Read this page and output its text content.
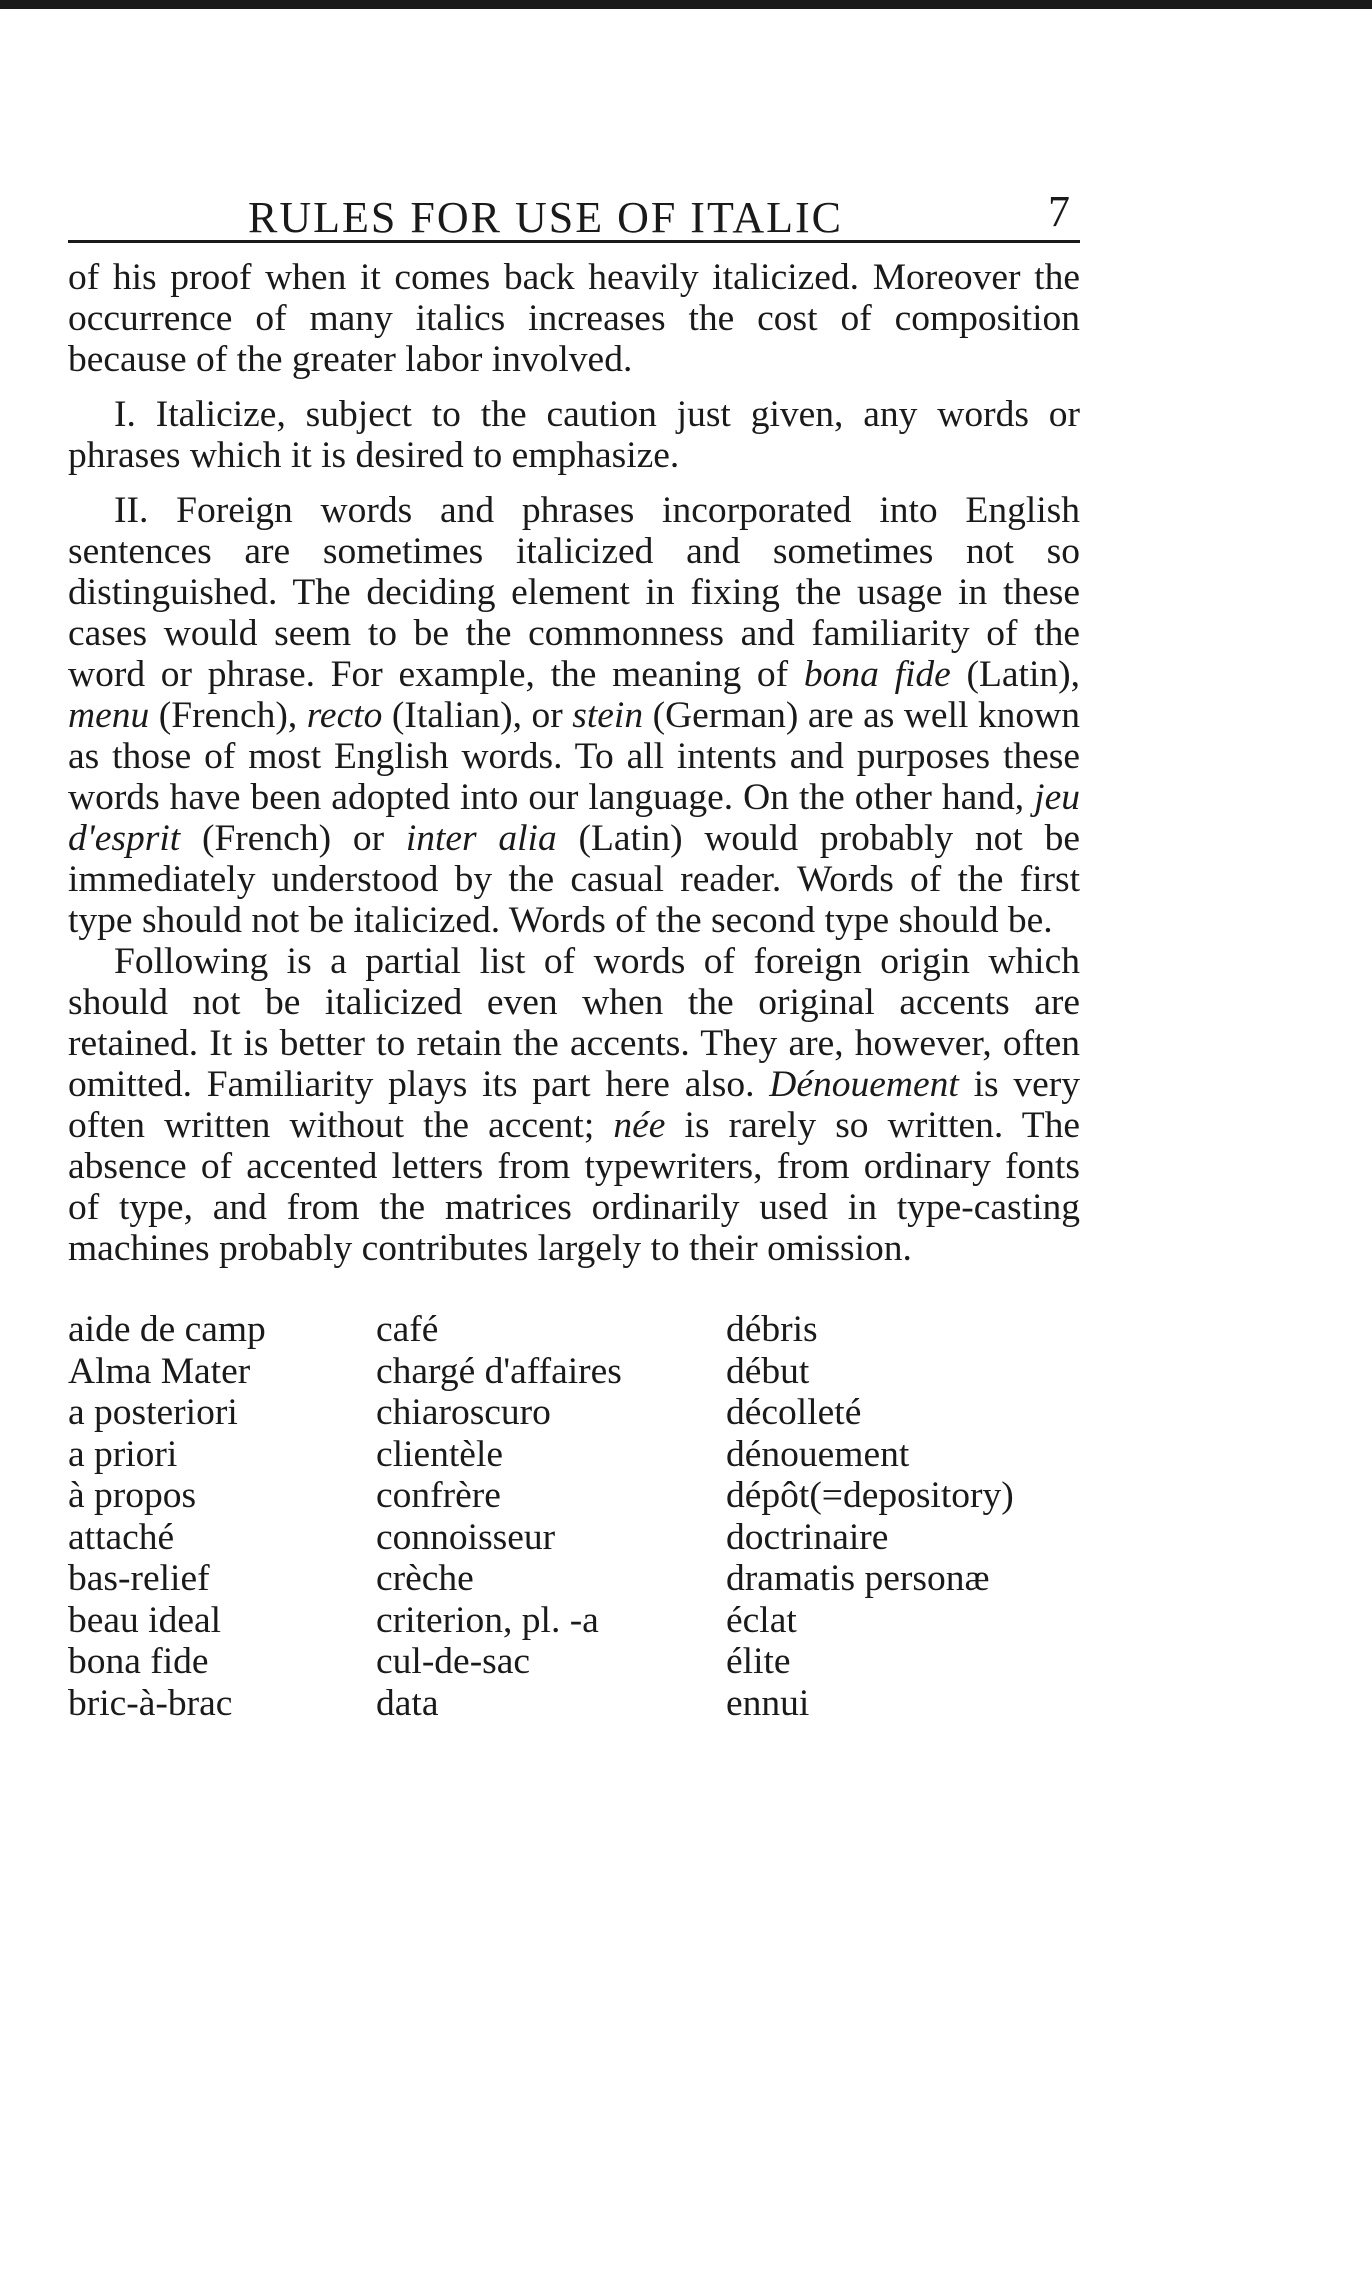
RULES FOR USE OF ITALIC	7

of his proof when it comes back heavily italicized. Moreover the occurrence of many italics increases the cost of composition because of the greater labor involved.

I. Italicize, subject to the caution just given, any words or phrases which it is desired to emphasize.

II. Foreign words and phrases incorporated into English sentences are sometimes italicized and sometimes not so distinguished. The deciding element in fixing the usage in these cases would seem to be the commonness and familiarity of the word or phrase. For example, the meaning of bona fide (Latin), menu (French), recto (Italian), or stein (German) are as well known as those of most English words. To all intents and purposes these words have been adopted into our language. On the other hand, jeu d'esprit (French) or inter alia (Latin) would probably not be immediately understood by the casual reader. Words of the first type should not be italicized. Words of the second type should be.

Following is a partial list of words of foreign origin which should not be italicized even when the original accents are retained. It is better to retain the accents. They are, however, often omitted. Familiarity plays its part here also. Dénouement is very often written without the accent; née is rarely so written. The absence of accented letters from typewriters, from ordinary fonts of type, and from the matrices ordinarily used in type-casting machines probably contributes largely to their omission.

aide de camp
Alma Mater
a posteriori
a priori
à propos
attaché
bas-relief
beau ideal
bona fide
bric-à-brac
café
chargé d'affaires
chiaroscuro
clientèle
confrère
connoisseur
crèche
criterion, pl. -a
cul-de-sac
data
débris
début
décolleté
dénouement
dépôt(=depository)
doctrinaire
dramatis personæ
éclat
élite
ennui
